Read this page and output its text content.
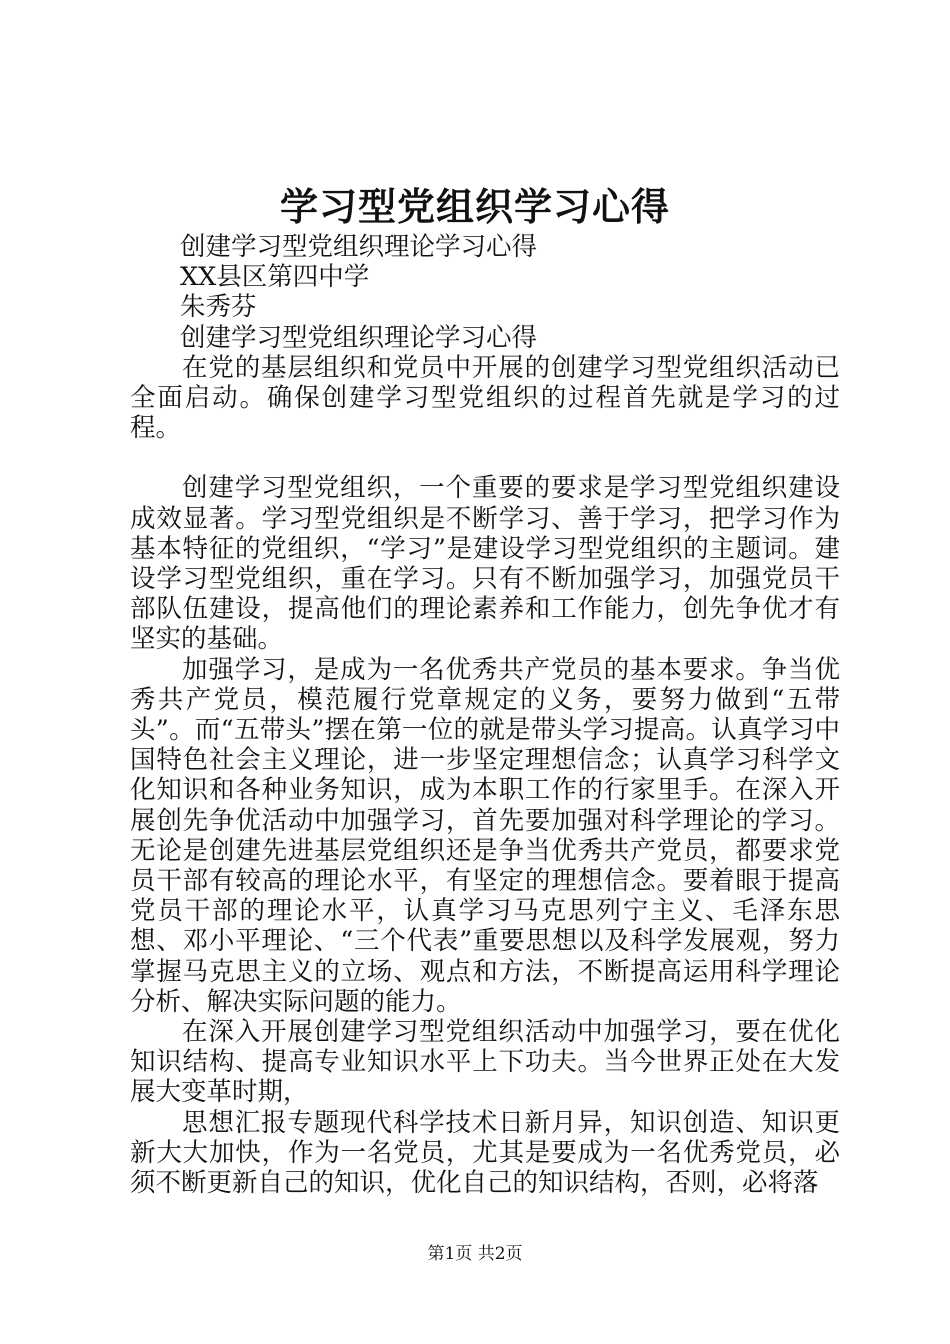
学习型党组织学习心得

创建学习型党组织理论学习心得

XX县区第四中学

朱秀芬

创建学习型党组织理论学习心得

在党的基层组织和党员中开展的创建学习型党组织活动已全面启动。确保创建学习型党组织的过程首先就是学习的过程。

创建学习型党组织，一个重要的要求是学习型党组织建设成效显著。学习型党组织是不断学习、善于学习，把学习作为基本特征的党组织，“学习”是建设学习型党组织的主题词。建设学习型党组织，重在学习。只有不断加强学习，加强党员干部队伍建设，提高他们的理论素养和工作能力，创先争优才有坚实的基础。

加强学习，是成为一名优秀共产党员的基本要求。争当优秀共产党员，模范履行党章规定的义务，要努力做到“五带头”。而“五带头”摆在第一位的就是带头学习提高。认真学习中国特色社会主义理论，进一步坚定理想信念；认真学习科学文化知识和各种业务知识，成为本职工作的行家里手。在深入开展创先争优活动中加强学习，首先要加强对科学理论的学习。无论是创建先进基层党组织还是争当优秀共产党员，都要求党员干部有较高的理论水平，有坚定的理想信念。要着眼于提高党员干部的理论水平，认真学习马克思列宁主义、毛泽东思想、邓小平理论、“三个代表”重要思想以及科学发展观，努力掌握马克思主义的立场、观点和方法，不断提高运用科学理论分析、解决实际问题的能力。

在深入开展创建学习型党组织活动中加强学习，要在优化知识结构、提高专业知识水平上下功夫。当今世界正处在大发展大变革时期，

思想汇报专题现代科学技术日新月异，知识创造、知识更新大大加快，作为一名党员，尤其是要成为一名优秀党员，必须不断更新自己的知识，优化自己的知识结构，否则，必将落

第1页 共2页
